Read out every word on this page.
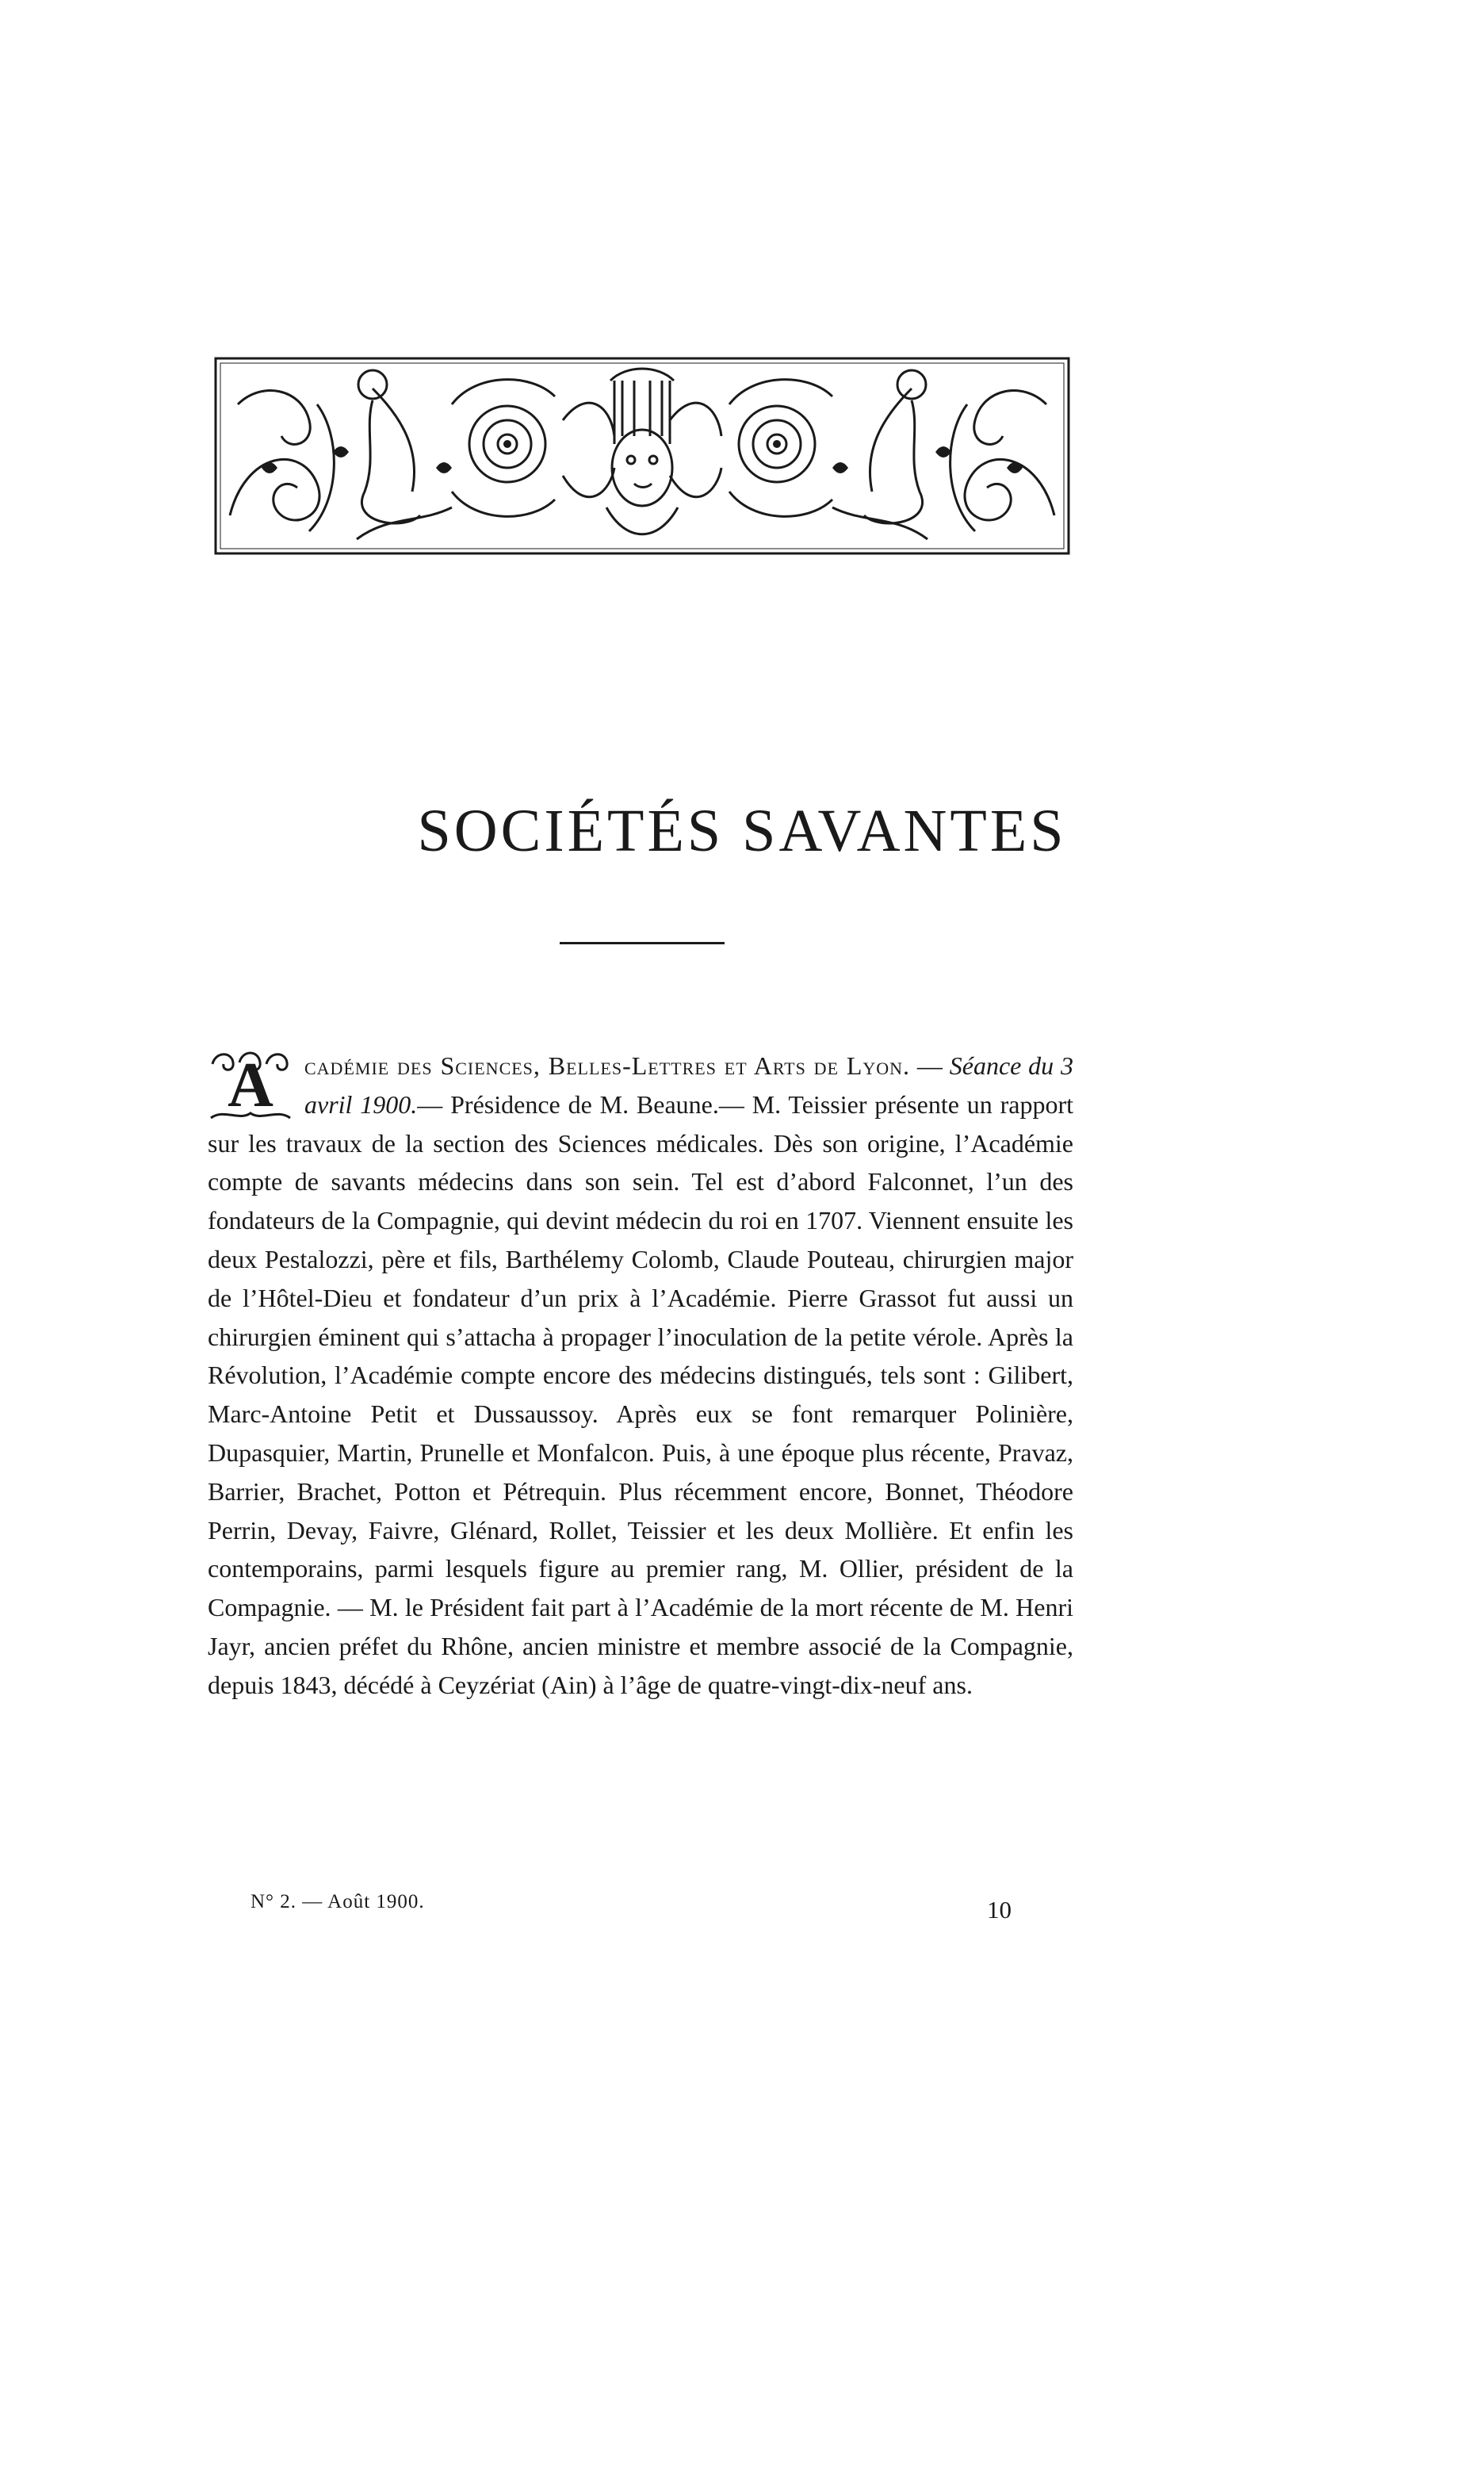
SOCIÉTÉS SAVANTES

A	cadémie des Sciences, Belles-Lettres et Arts de Lyon. — Séance du 3 avril 1900.— Présidence de M. Beaune.— M. Teissier présente un rapport sur les travaux de la section des Sciences médicales. Dès son origine, l’Académie compte de savants médecins dans son sein. Tel est d’abord Falconnet, l’un des fondateurs de la Compagnie, qui devint médecin du roi en 1707. Viennent ensuite les deux Pestalozzi, père et fils, Barthélemy Colomb, Claude Pouteau, chirurgien major de l’Hôtel-Dieu et fondateur d’un prix à l’Académie. Pierre Grassot fut aussi un chirurgien éminent qui s’attacha à propager l’inoculation de la petite vérole. Après la Révolution, l’Académie compte encore des médecins distingués, tels sont : Gilibert, Marc-Antoine Petit et Dussaussoy. Après eux se font remarquer Polinière, Dupasquier, Martin, Prunelle et Monfalcon. Puis, à une époque plus récente, Pravaz, Barrier, Brachet, Potton et Pétrequin. Plus récemment encore, Bonnet, Théodore Perrin, Devay, Faivre, Glénard, Rollet, Teissier et les deux Mollière. Et enfin les contemporains, parmi lesquels figure au premier rang, M. Ollier, président de la Compagnie. — M. le Président fait part à l’Académie de la mort récente de M. Henri Jayr, ancien préfet du Rhône, ancien ministre et membre associé de la Compagnie, depuis 1843, décédé à Ceyzériat (Ain) à l’âge de quatre-vingt-dix-neuf ans.

N° 2. — Août 1900.	10
